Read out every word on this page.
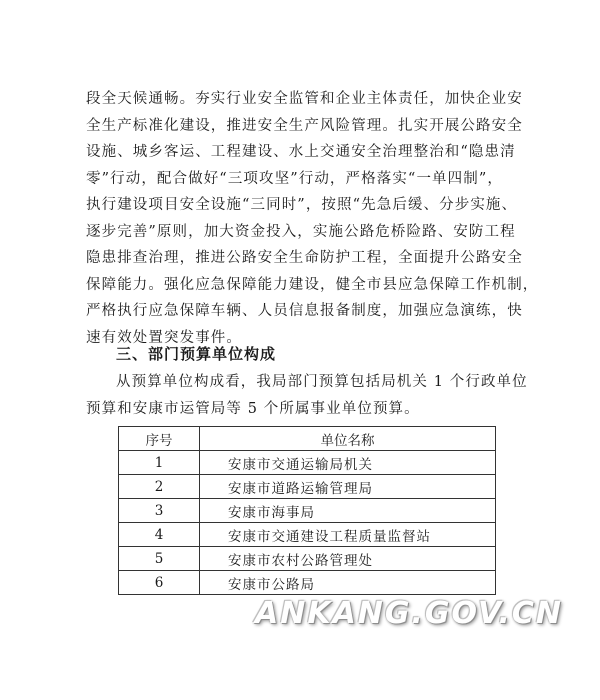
段全天候通畅。夯实行业安全监管和企业主体责任，加快企业安
全生产标准化建设，推进安全生产风险管理。扎实开展公路安全
设施、城乡客运、工程建设、水上交通安全治理整治和“隐患清
零”行动，配合做好“三项攻坚”行动，严格落实“一单四制”，
执行建设项目安全设施“三同时”，按照“先急后缓、分步实施、
逐步完善”原则，加大资金投入，实施公路危桥险路、安防工程
隐患排查治理，推进公路安全生命防护工程，全面提升公路安全
保障能力。强化应急保障能力建设，健全市县应急保障工作机制，
严格执行应急保障车辆、人员信息报备制度，加强应急演练，快
速有效处置突发事件。
三、部门预算单位构成
从预算单位构成看，我局部门预算包括局机关 1 个行政单位
预算和安康市运管局等 5 个所属事业单位预算。
序号	单位名称
1	安康市交通运输局机关
2	安康市道路运输管理局
3	安康市海事局
4	安康市交通建设工程质量监督站
5	安康市农村公路管理处
6	安康市公路局
ANKANG.GOV.CN
